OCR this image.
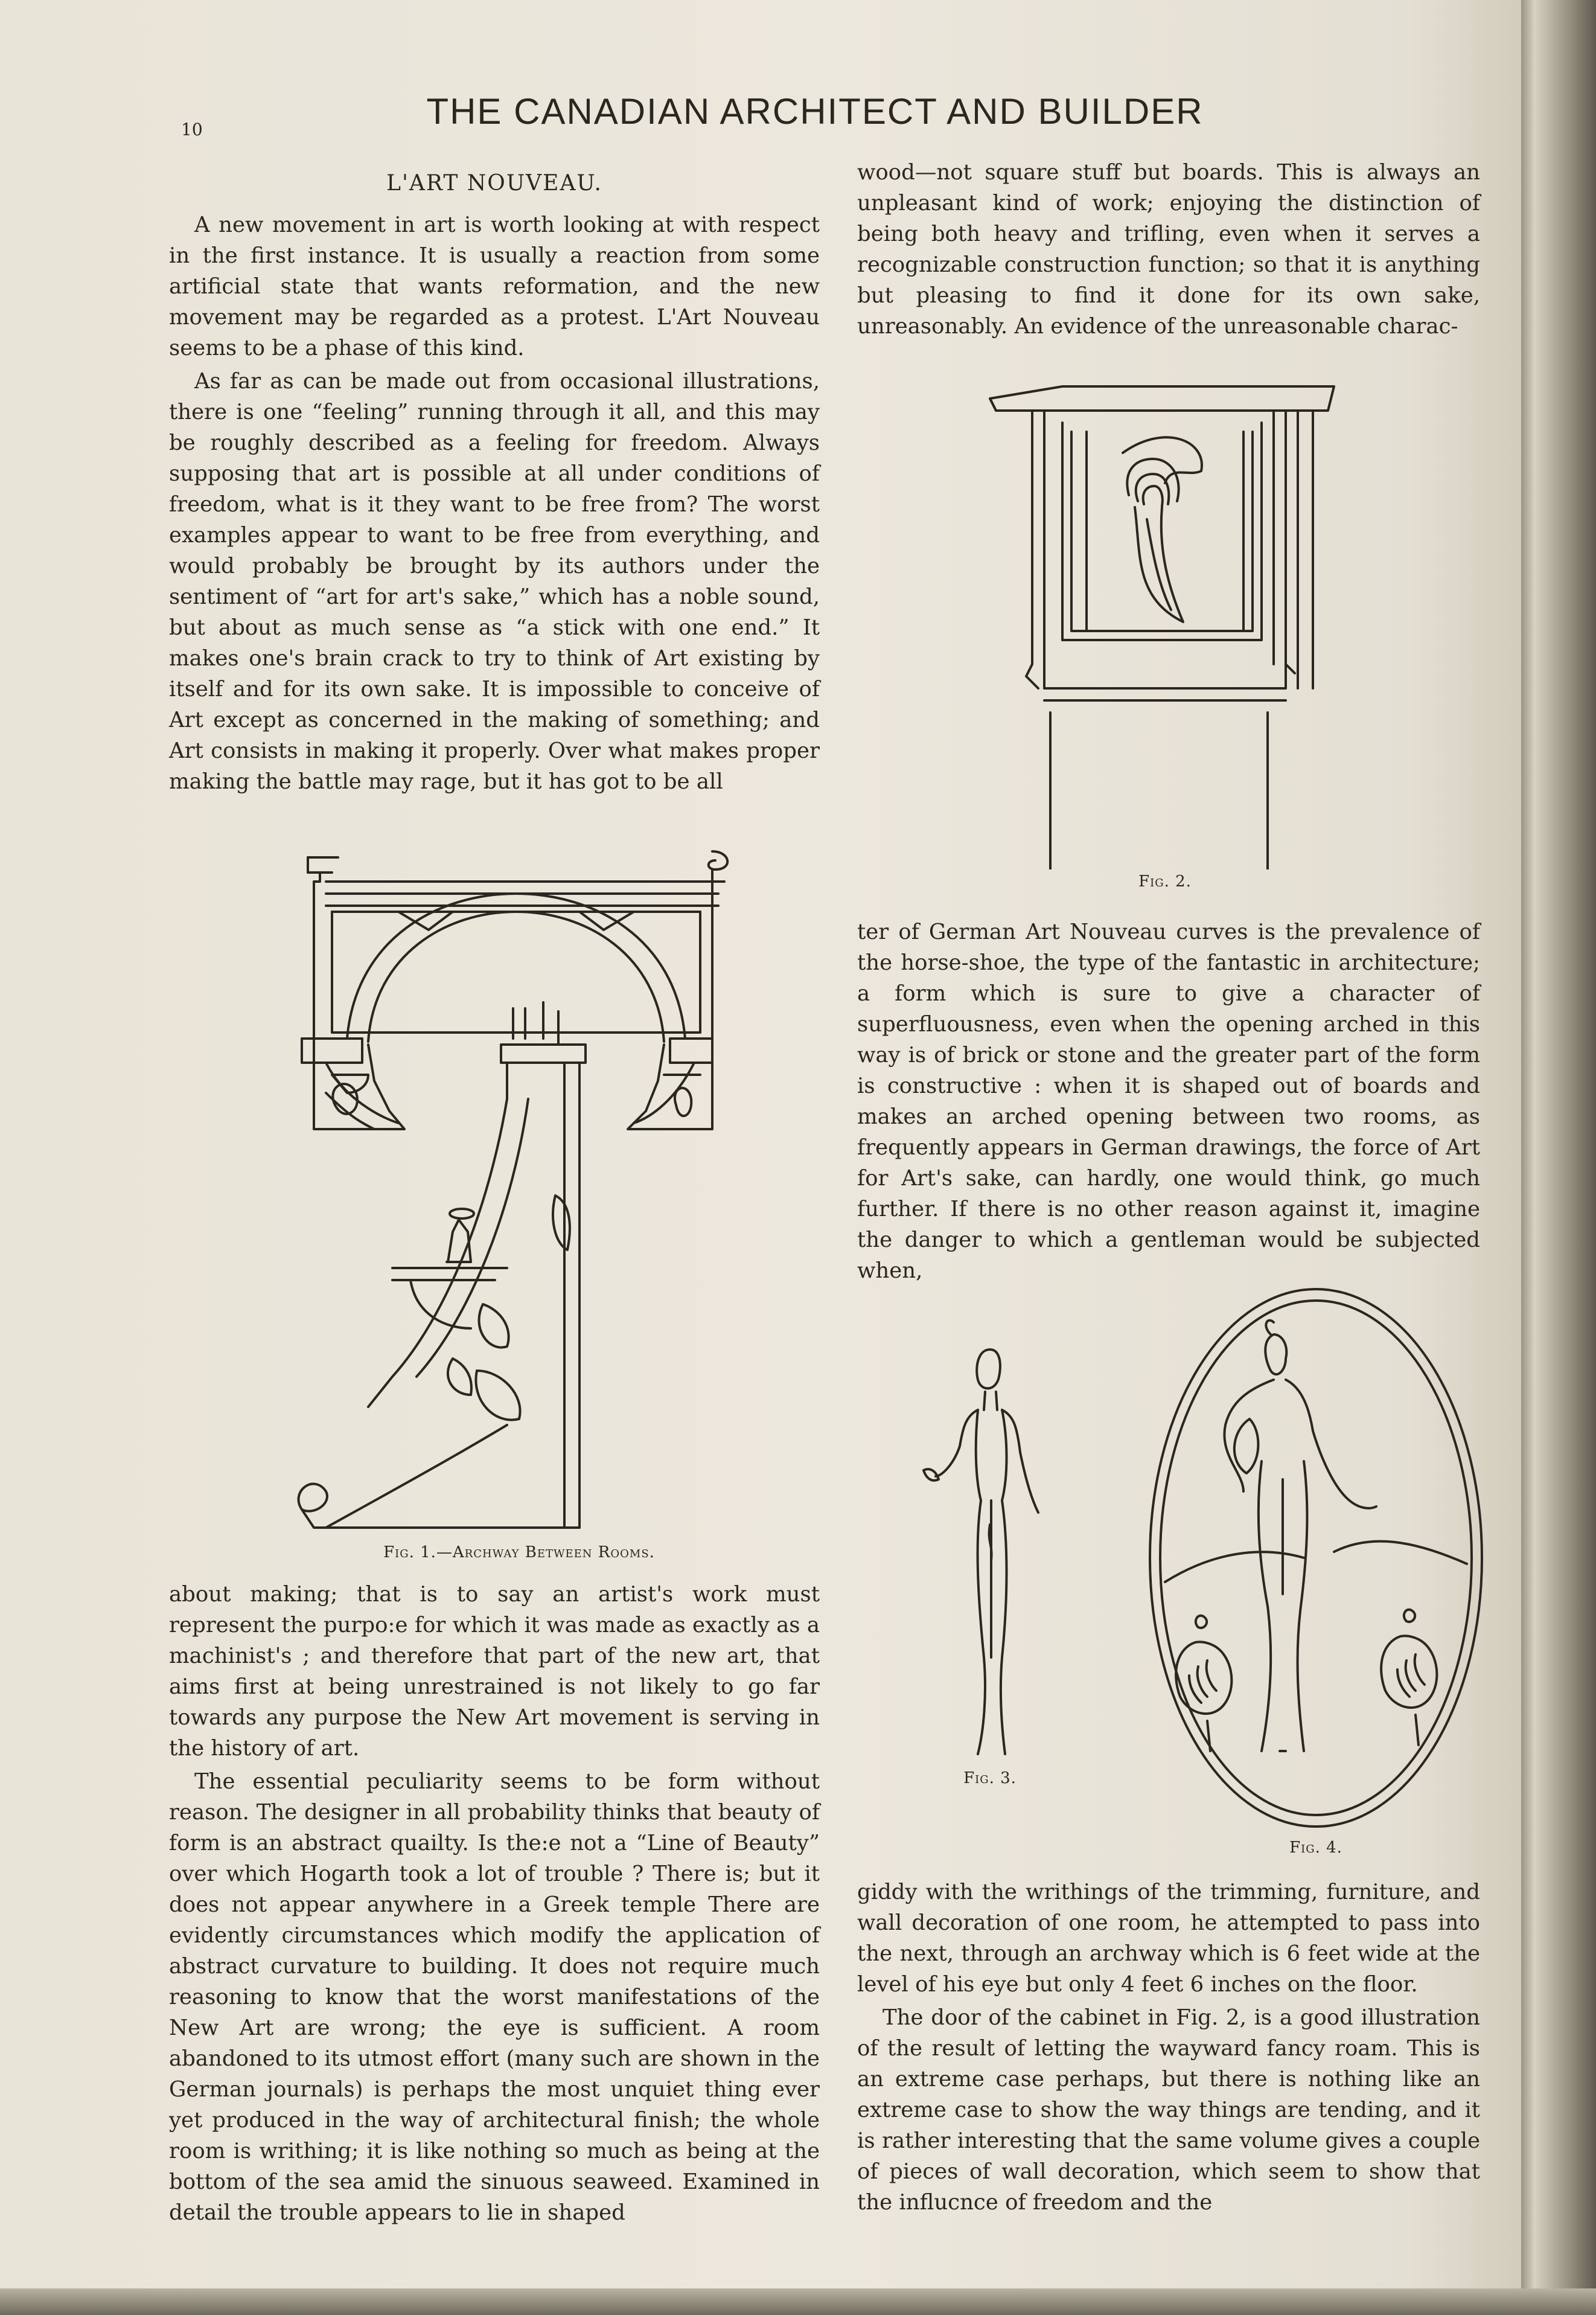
10	THE CANADIAN ARCHITECT AND BUILDER
L'ART NOUVEAU.

A new movement in art is worth looking at with respect in the first instance. It is usually a reaction from some artificial state that wants reformation, and the new movement may be regarded as a protest. L'Art Nouveau seems to be a phase of this kind.

As far as can be made out from occasional illustrations, there is one “feeling” running through it all, and this may be roughly described as a feeling for freedom. Always supposing that art is possible at all under conditions of freedom, what is it they want to be free from? The worst examples appear to want to be free from everything, and would probably be brought by its authors under the sentiment of “art for art's sake,” which has a noble sound, but about as much sense as “a stick with one end.” It makes one's brain crack to try to think of Art existing by itself and for its own sake. It is impossible to conceive of Art except as concerned in the making of something; and Art consists in making it properly. Over what makes proper making the battle may rage, but it has got to be all

Fig. 1.—Archway Between Rooms.

about making; that is to say an artist's work must represent the purpo:e for which it was made as exactly as a machinist's ; and therefore that part of the new art, that aims first at being unrestrained is not likely to go far towards any purpose the New Art movement is serving in the history of art.

The essential peculiarity seems to be form without reason. The designer in all probability thinks that beauty of form is an abstract quailty. Is the:e not a “Line of Beauty” over which Hogarth took a lot of trouble ? There is; but it does not appear anywhere in a Greek temple There are evidently circumstances which modify the application of abstract curvature to building. It does not require much reasoning to know that the worst manifestations of the New Art are wrong; the eye is sufficient. A room abandoned to its utmost effort (many such are shown in the German journals) is perhaps the most unquiet thing ever yet produced in the way of architectural finish; the whole room is writhing; it is like nothing so much as being at the bottom of the sea amid the sinuous seaweed. Examined in detail the trouble appears to lie in shaped

wood—not square stuff but boards. This is always an unpleasant kind of work; enjoying the distinction of being both heavy and trifling, even when it serves a recognizable construction function; so that it is anything but pleasing to find it done for its own sake, unreasonably. An evidence of the unreasonable charac-

Fig. 2.

ter of German Art Nouveau curves is the prevalence of the horse-shoe, the type of the fantastic in architecture; a form which is sure to give a character of superfluousness, even when the opening arched in this way is of brick or stone and the greater part of the form is constructive : when it is shaped out of boards and makes an arched opening between two rooms, as frequently appears in German drawings, the force of Art for Art's sake, can hardly, one would think, go much further. If there is no other reason against it, imagine the danger to which a gentleman would be subjected when,

Fig. 3.
Fig. 4.

giddy with the writhings of the trimming, furniture, and wall decoration of one room, he attempted to pass into the next, through an archway which is 6 feet wide at the level of his eye but only 4 feet 6 inches on the floor.

The door of the cabinet in Fig. 2, is a good illustration of the result of letting the wayward fancy roam. This is an extreme case perhaps, but there is nothing like an extreme case to show the way things are tending, and it is rather interesting that the same volume gives a couple of pieces of wall decoration, which seem to show that the influcnce of freedom and the
